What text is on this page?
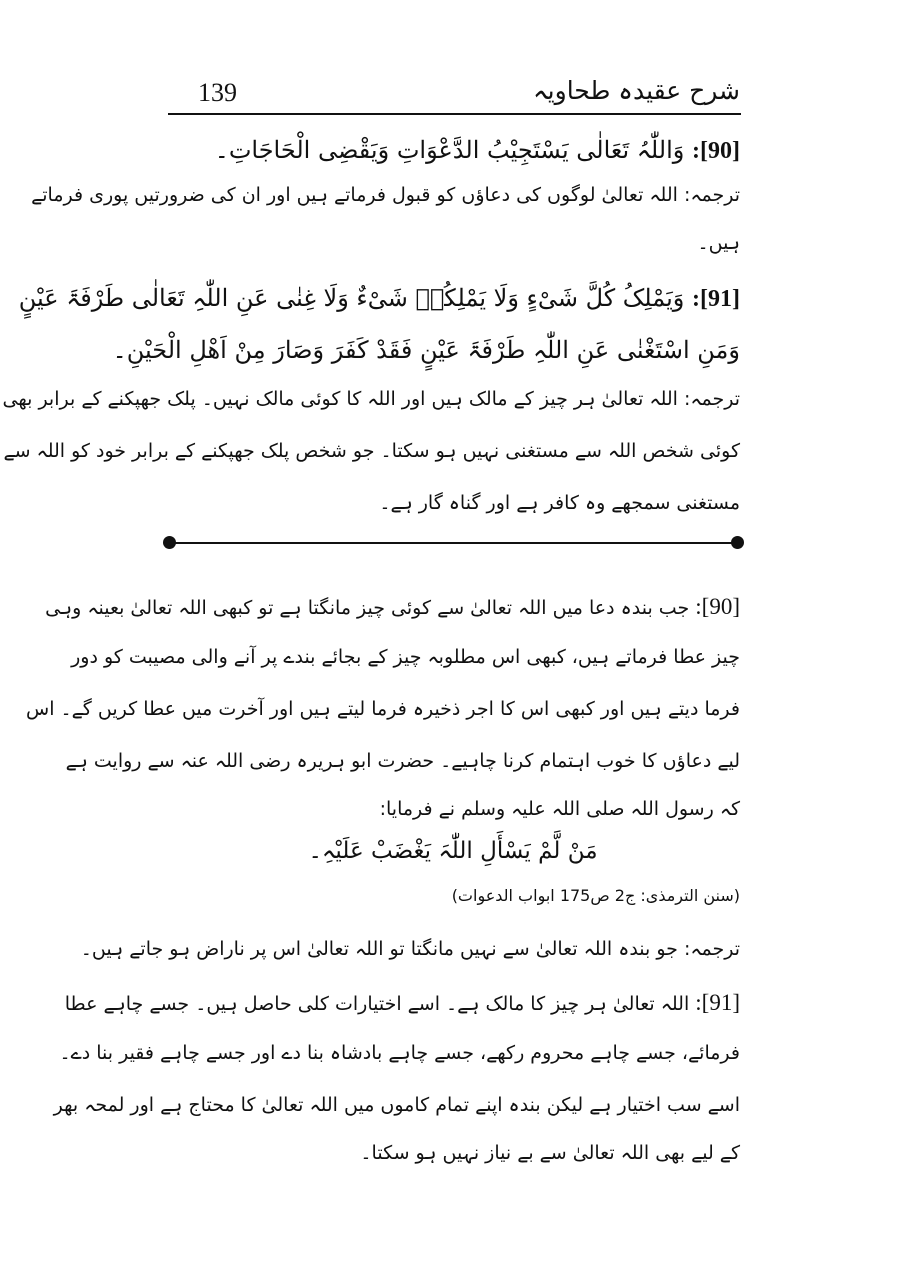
139	شرح عقیدہ طحاویہ
[90]: وَاللّٰہُ تَعَالٰی یَسْتَجِیْبُ الدَّعْوَاتِ وَیَقْضِی الْحَاجَاتِ۔
ترجمہ: اللہ تعالیٰ لوگوں کی دعاؤں کو قبول فرماتے ہیں اور ان کی ضرورتیں پوری فرماتے
ہیں۔
[91]: وَیَمْلِکُ کُلَّ شَیْءٍ وَلَا یَمْلِکُہٗ شَیْءٌ وَلَا غِنٰی عَنِ اللّٰہِ تَعَالٰی طَرْفَۃَ عَیْنٍ
وَمَنِ اسْتَغْنٰی عَنِ اللّٰہِ طَرْفَۃَ عَیْنٍ فَقَدْ کَفَرَ وَصَارَ مِنْ اَھْلِ الْحَیْنِ۔
ترجمہ: اللہ تعالیٰ ہر چیز کے مالک ہیں اور اللہ کا کوئی مالک نہیں۔ پلک جھپکنے کے برابر بھی
کوئی شخص اللہ سے مستغنی نہیں ہو سکتا۔ جو شخص پلک جھپکنے کے برابر خود کو اللہ سے
مستغنی سمجھے وہ کافر ہے اور گناہ گار ہے۔
[90]: جب بندہ دعا میں اللہ تعالیٰ سے کوئی چیز مانگتا ہے تو کبھی اللہ تعالیٰ بعینہ وہی
چیز عطا فرماتے ہیں، کبھی اس مطلوبہ چیز کے بجائے بندے پر آنے والی مصیبت کو دور
فرما دیتے ہیں اور کبھی اس کا اجر ذخیرہ فرما لیتے ہیں اور آخرت میں عطا کریں گے۔ اس
لیے دعاؤں کا خوب اہتمام کرنا چاہیے۔ حضرت ابو ہریرہ رضی اللہ عنہ سے روایت ہے
کہ رسول اللہ صلی اللہ علیہ وسلم نے فرمایا:
مَنْ لَّمْ یَسْأَلِ اللّٰہَ یَغْضَبْ عَلَیْہِ۔
(سنن الترمذی: ج2 ص175 ابواب الدعوات)
ترجمہ: جو بندہ اللہ تعالیٰ سے نہیں مانگتا تو اللہ تعالیٰ اس پر ناراض ہو جاتے ہیں۔
[91]: اللہ تعالیٰ ہر چیز کا مالک ہے۔ اسے اختیارات کلی حاصل ہیں۔ جسے چاہے عطا
فرمائے، جسے چاہے محروم رکھے، جسے چاہے بادشاہ بنا دے اور جسے چاہے فقیر بنا دے۔
اسے سب اختیار ہے لیکن بندہ اپنے تمام کاموں میں اللہ تعالیٰ کا محتاج ہے اور لمحہ بھر
کے لیے بھی اللہ تعالیٰ سے بے نیاز نہیں ہو سکتا۔
